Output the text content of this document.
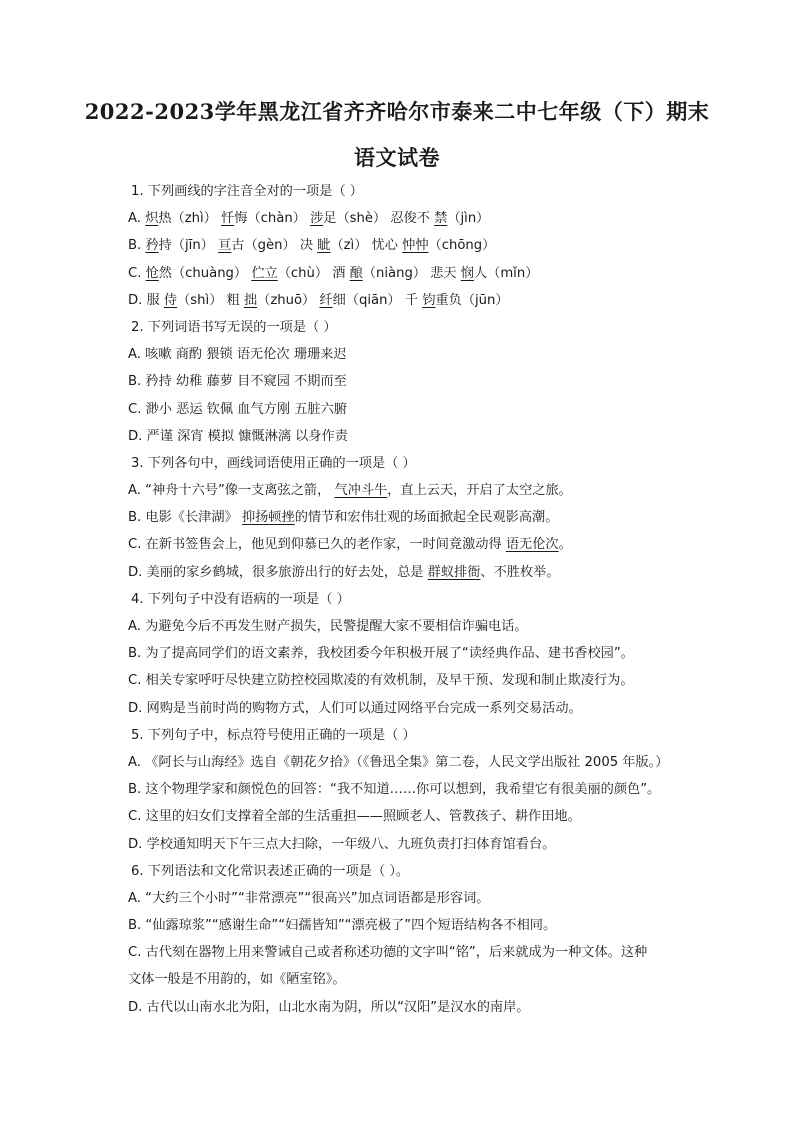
2022-2023学年黑龙江省齐齐哈尔市泰来二中七年级（下）期末
语文试卷
1. 下列画线的字注音全对的一项是（ ）
A. 炽热（zhì） 忏悔（chàn） 涉足（shè） 忍俊不 禁（jìn）
B. 矜持（jīn） 亘古（gèn） 决 眦（zì） 忧心 忡忡（chōng）
C. 怆然（chuàng） 伫立（chù） 酒 酿（niàng） 悲天 悯人（mǐn）
D. 服 侍（shì） 粗 拙（zhuō） 纤细（qiān） 千 钧重负（jūn）
2. 下列词语书写无误的一项是（ ）
A. 咳嗽 商酌 猥锁 语无伦次 珊珊来迟
B. 矜持 幼稚 藤萝 目不窥园 不期而至
C. 渺小 恶运 钦佩 血气方刚 五脏六腑
D. 严谨 深宵 模拟 慷慨淋漓 以身作责
3. 下列各句中，画线词语使用正确的一项是（ ）
A. “神舟十六号”像一支离弦之箭， 气冲斗牛，直上云天，开启了太空之旅。
B. 电影《长津湖》 抑扬顿挫的情节和宏伟壮观的场面掀起全民观影高潮。
C. 在新书签售会上，他见到仰慕已久的老作家，一时间竟激动得 语无伦次。
D. 美丽的家乡鹤城，很多旅游出行的好去处，总是 群蚁排衙、不胜枚举。
4. 下列句子中没有语病的一项是（ ）
A. 为避免今后不再发生财产损失，民警提醒大家不要相信诈骗电话。
B. 为了提高同学们的语文素养，我校团委今年积极开展了“读经典作品、建书香校园”。
C. 相关专家呼吁尽快建立防控校园欺凌的有效机制，及早干预、发现和制止欺凌行为。
D. 网购是当前时尚的购物方式，人们可以通过网络平台完成一系列交易活动。
5. 下列句子中，标点符号使用正确的一项是（ ）
A. 《阿长与山海经》选自《朝花夕拾》（《鲁迅全集》第二卷，人民文学出版社 2005 年版。）
B. 这个物理学家和颜悦色的回答：“我不知道……你可以想到，我希望它有很美丽的颜色”。
C. 这里的妇女们支撑着全部的生活重担——照顾老人、管教孩子、耕作田地。
D. 学校通知明天下午三点大扫除，一年级八、九班负责打扫体育馆看台。
6. 下列语法和文化常识表述正确的一项是（ ）。
A. “大约三个小时”“非常漂亮”“很高兴”加点词语都是形容词。
B. “仙露琼浆”“感谢生命”“妇孺皆知”“漂亮极了”四个短语结构各不相同。
C. 古代刻在器物上用来警诫自己或者称述功德的文字叫“铭”，后来就成为一种文体。这种
文体一般是不用韵的，如《陋室铭》。
D. 古代以山南水北为阳，山北水南为阴，所以“汉阳”是汉水的南岸。
